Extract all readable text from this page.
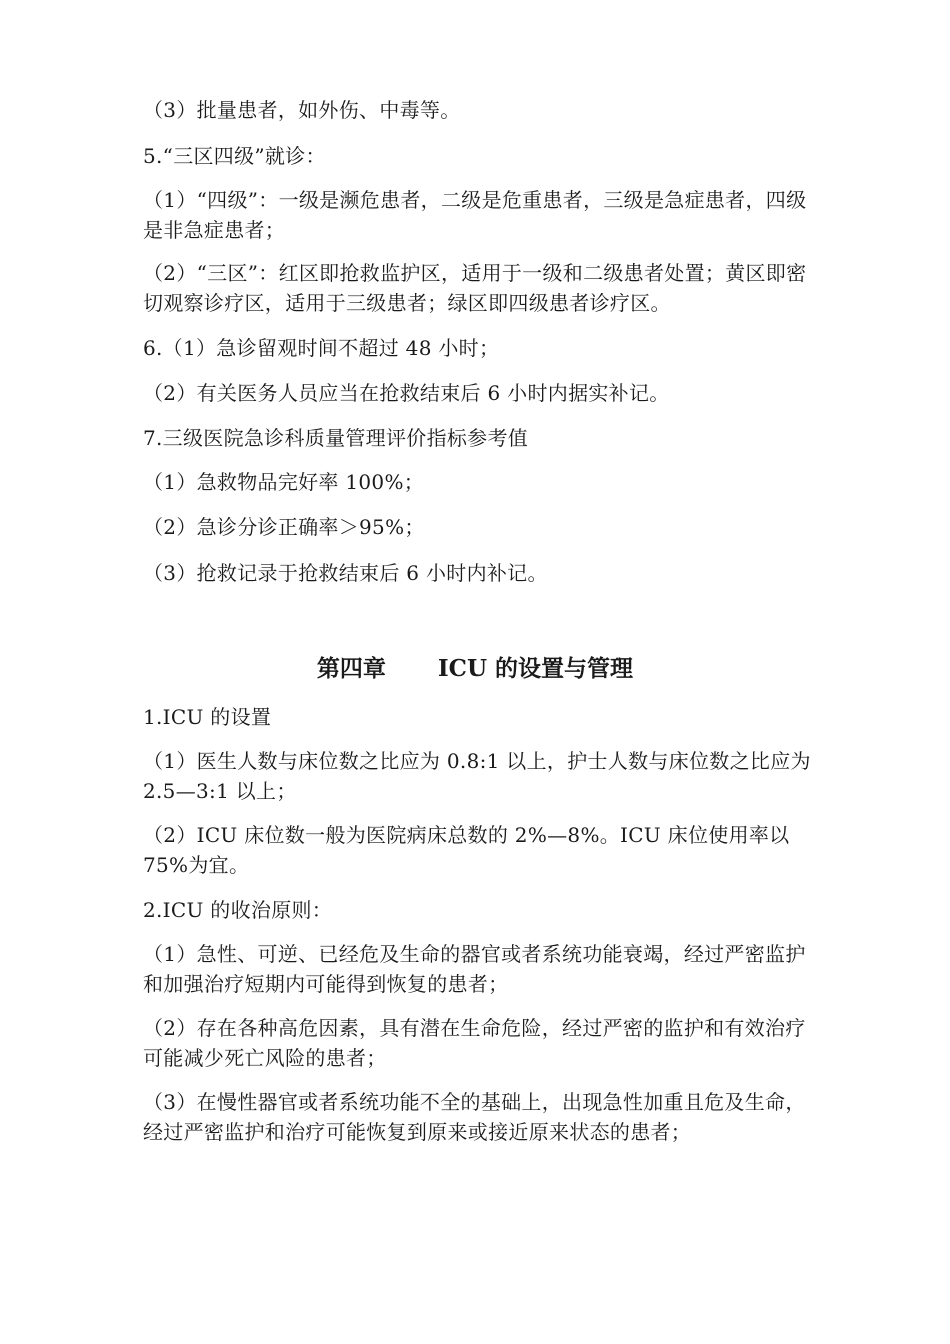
（3）批量患者，如外伤、中毒等。

5.“三区四级”就诊：

（1）“四级”：一级是濒危患者，二级是危重患者，三级是急症患者，四级是非急症患者；

（2）“三区”：红区即抢救监护区，适用于一级和二级患者处置；黄区即密切观察诊疗区，适用于三级患者；绿区即四级患者诊疗区。

6.（1）急诊留观时间不超过 48 小时；

（2）有关医务人员应当在抢救结束后 6 小时内据实补记。

7.三级医院急诊科质量管理评价指标参考值

（1）急救物品完好率 100%；

（2）急诊分诊正确率＞95%；

（3）抢救记录于抢救结束后 6 小时内补记。

第四章 ICU 的设置与管理

1.ICU 的设置

（1）医生人数与床位数之比应为 0.8:1 以上，护士人数与床位数之比应为 2.5—3:1 以上；

（2）ICU 床位数一般为医院病床总数的 2%—8%。ICU 床位使用率以 75%为宜。

2.ICU 的收治原则：

（1）急性、可逆、已经危及生命的器官或者系统功能衰竭，经过严密监护和加强治疗短期内可能得到恢复的患者；

（2）存在各种高危因素，具有潜在生命危险，经过严密的监护和有效治疗可能减少死亡风险的患者；

（3）在慢性器官或者系统功能不全的基础上，出现急性加重且危及生命，经过严密监护和治疗可能恢复到原来或接近原来状态的患者；
